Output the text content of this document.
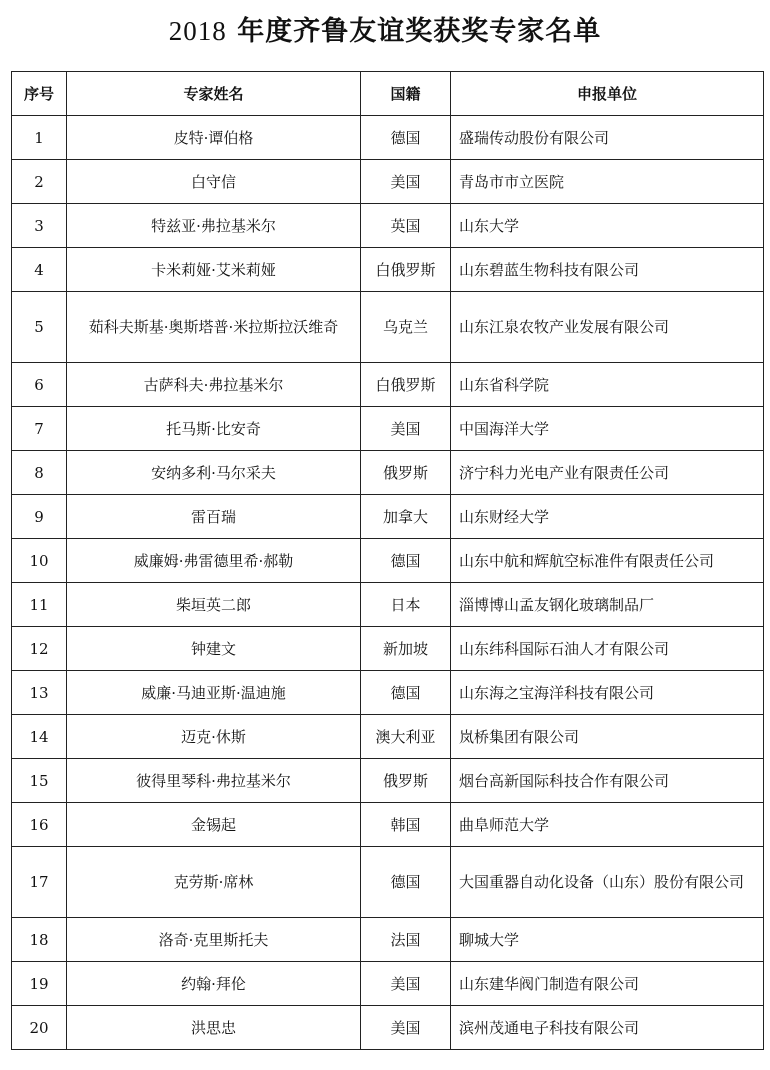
2018 年度齐鲁友谊奖获奖专家名单
序号	专家姓名	国籍	申报单位
1	皮特·谭伯格	德国	盛瑞传动股份有限公司
2	白守信	美国	青岛市市立医院
3	特兹亚·弗拉基米尔	英国	山东大学
4	卡米莉娅·艾米莉娅	白俄罗斯	山东碧蓝生物科技有限公司
5	茹科夫斯基·奥斯塔普·米拉斯拉沃维奇	乌克兰	山东江泉农牧产业发展有限公司
6	古萨科夫·弗拉基米尔	白俄罗斯	山东省科学院
7	托马斯·比安奇	美国	中国海洋大学
8	安纳多利·马尔采夫	俄罗斯	济宁科力光电产业有限责任公司
9	雷百瑞	加拿大	山东财经大学
10	威廉姆·弗雷德里希·郝勒	德国	山东中航和辉航空标准件有限责任公司
11	柴垣英二郎	日本	淄博博山孟友钢化玻璃制品厂
12	钟建文	新加坡	山东纬科国际石油人才有限公司
13	威廉·马迪亚斯·温迪施	德国	山东海之宝海洋科技有限公司
14	迈克·休斯	澳大利亚	岚桥集团有限公司
15	彼得里琴科·弗拉基米尔	俄罗斯	烟台高新国际科技合作有限公司
16	金锡起	韩国	曲阜师范大学
17	克劳斯·席林	德国	大国重器自动化设备（山东）股份有限公司
18	洛奇·克里斯托夫	法国	聊城大学
19	约翰·拜伦	美国	山东建华阀门制造有限公司
20	洪思忠	美国	滨州茂通电子科技有限公司
